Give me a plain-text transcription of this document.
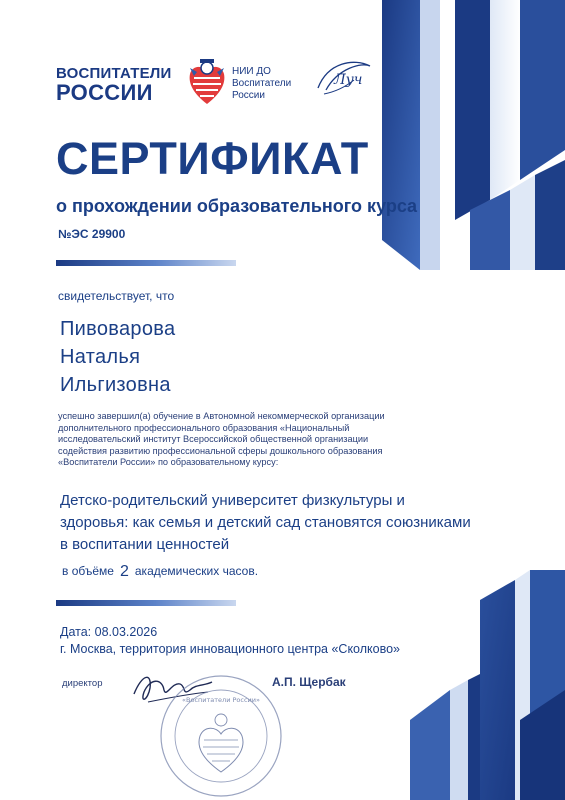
ВОСПИТАТЕЛИ
РОССИИ
НИИ ДО
Воспитатели
России
Луч
СЕРТИФИКАТ
о прохождении образовательного курса
№ЭС 29900
свидетельствует, что
Пивоварова
Наталья
Ильгизовна
успешно завершил(а) обучение в Автономной некоммерческой организации
дополнительного профессионального образования «Национальный
исследовательский институт Всероссийской общественной организации
содействия развитию профессиональной сферы дошкольного образования
«Воспитатели России» по образовательному курсу:
Детско-родительский университет физкультуры и
здоровья: как семья и детский сад становятся союзниками
в воспитании ценностей
в объёме 2 академических часов.
Дата: 08.03.2026
г. Москва, территория инновационного центра «Сколково»
директор
«Воспитатели России»
А.П. Щербак
